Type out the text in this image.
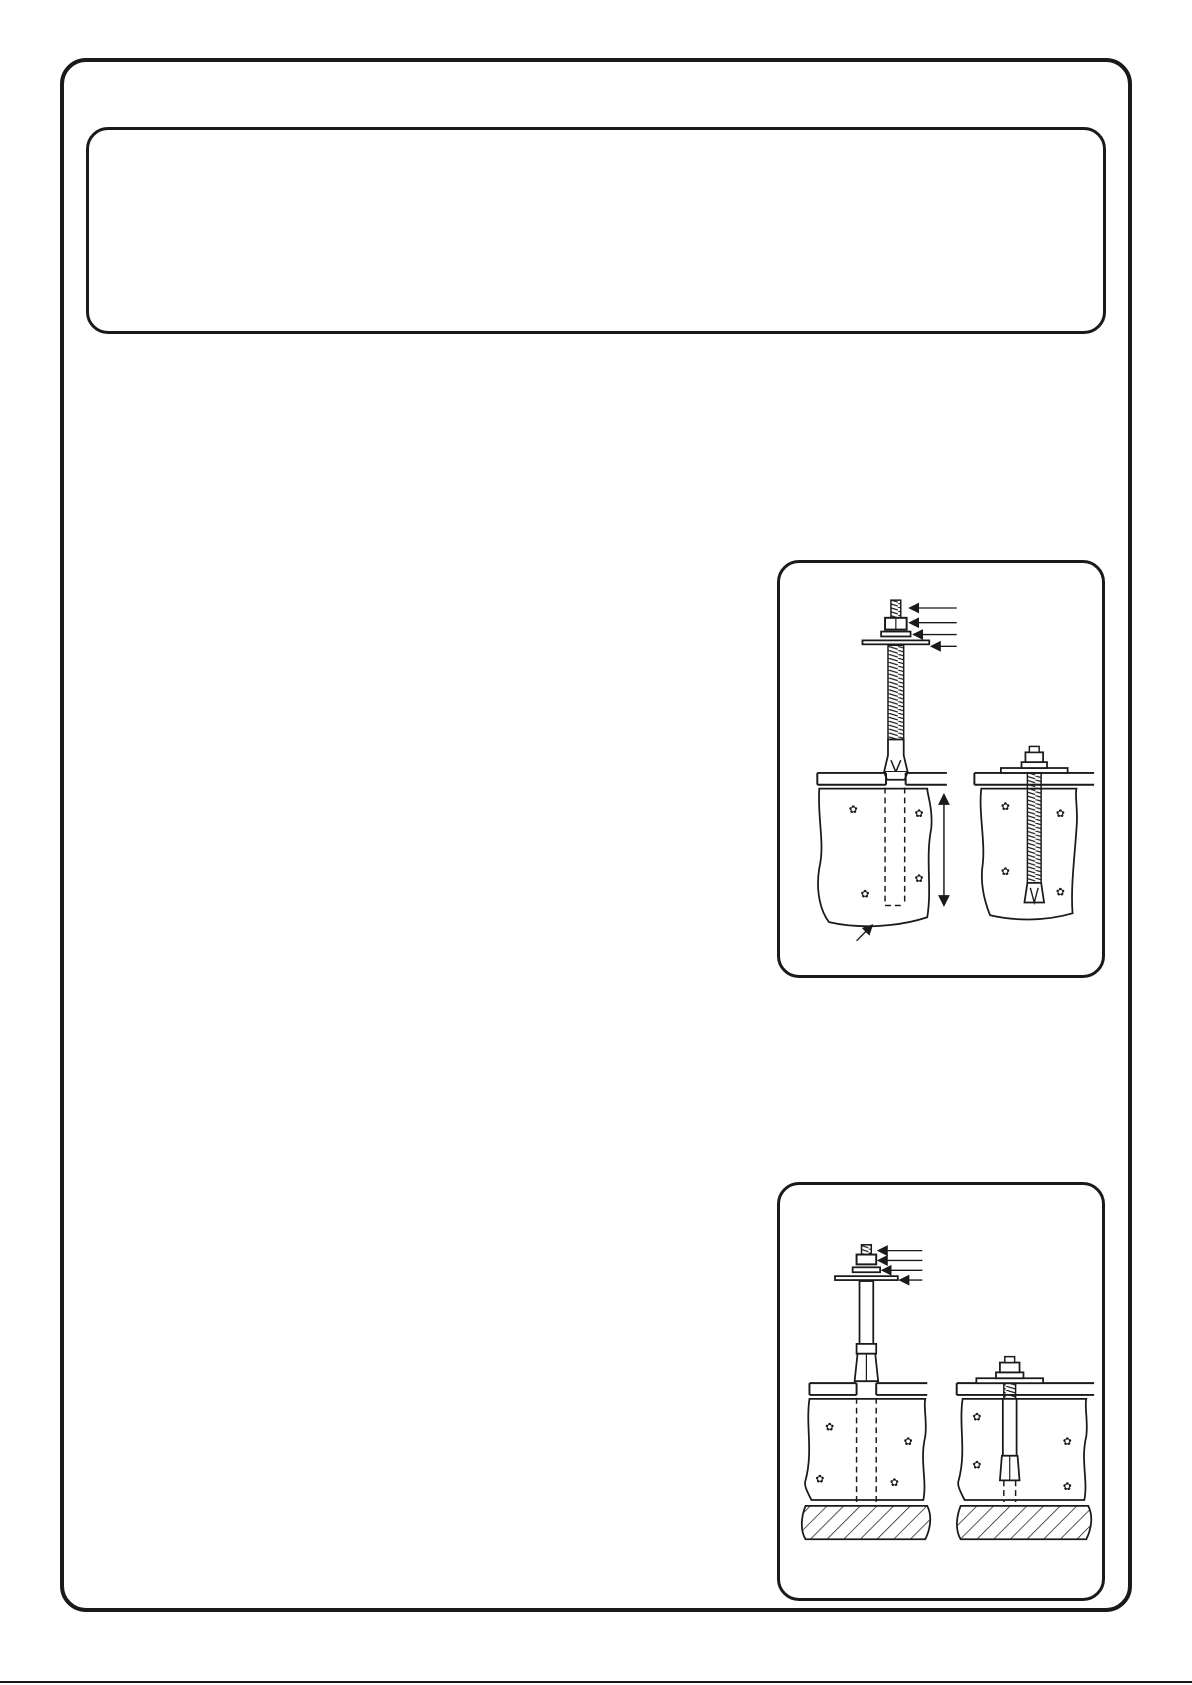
✿	✿
✿
✿
✿
✿
✿
✿
✿
✿
✿	✿
✿
✿
✿
✿
